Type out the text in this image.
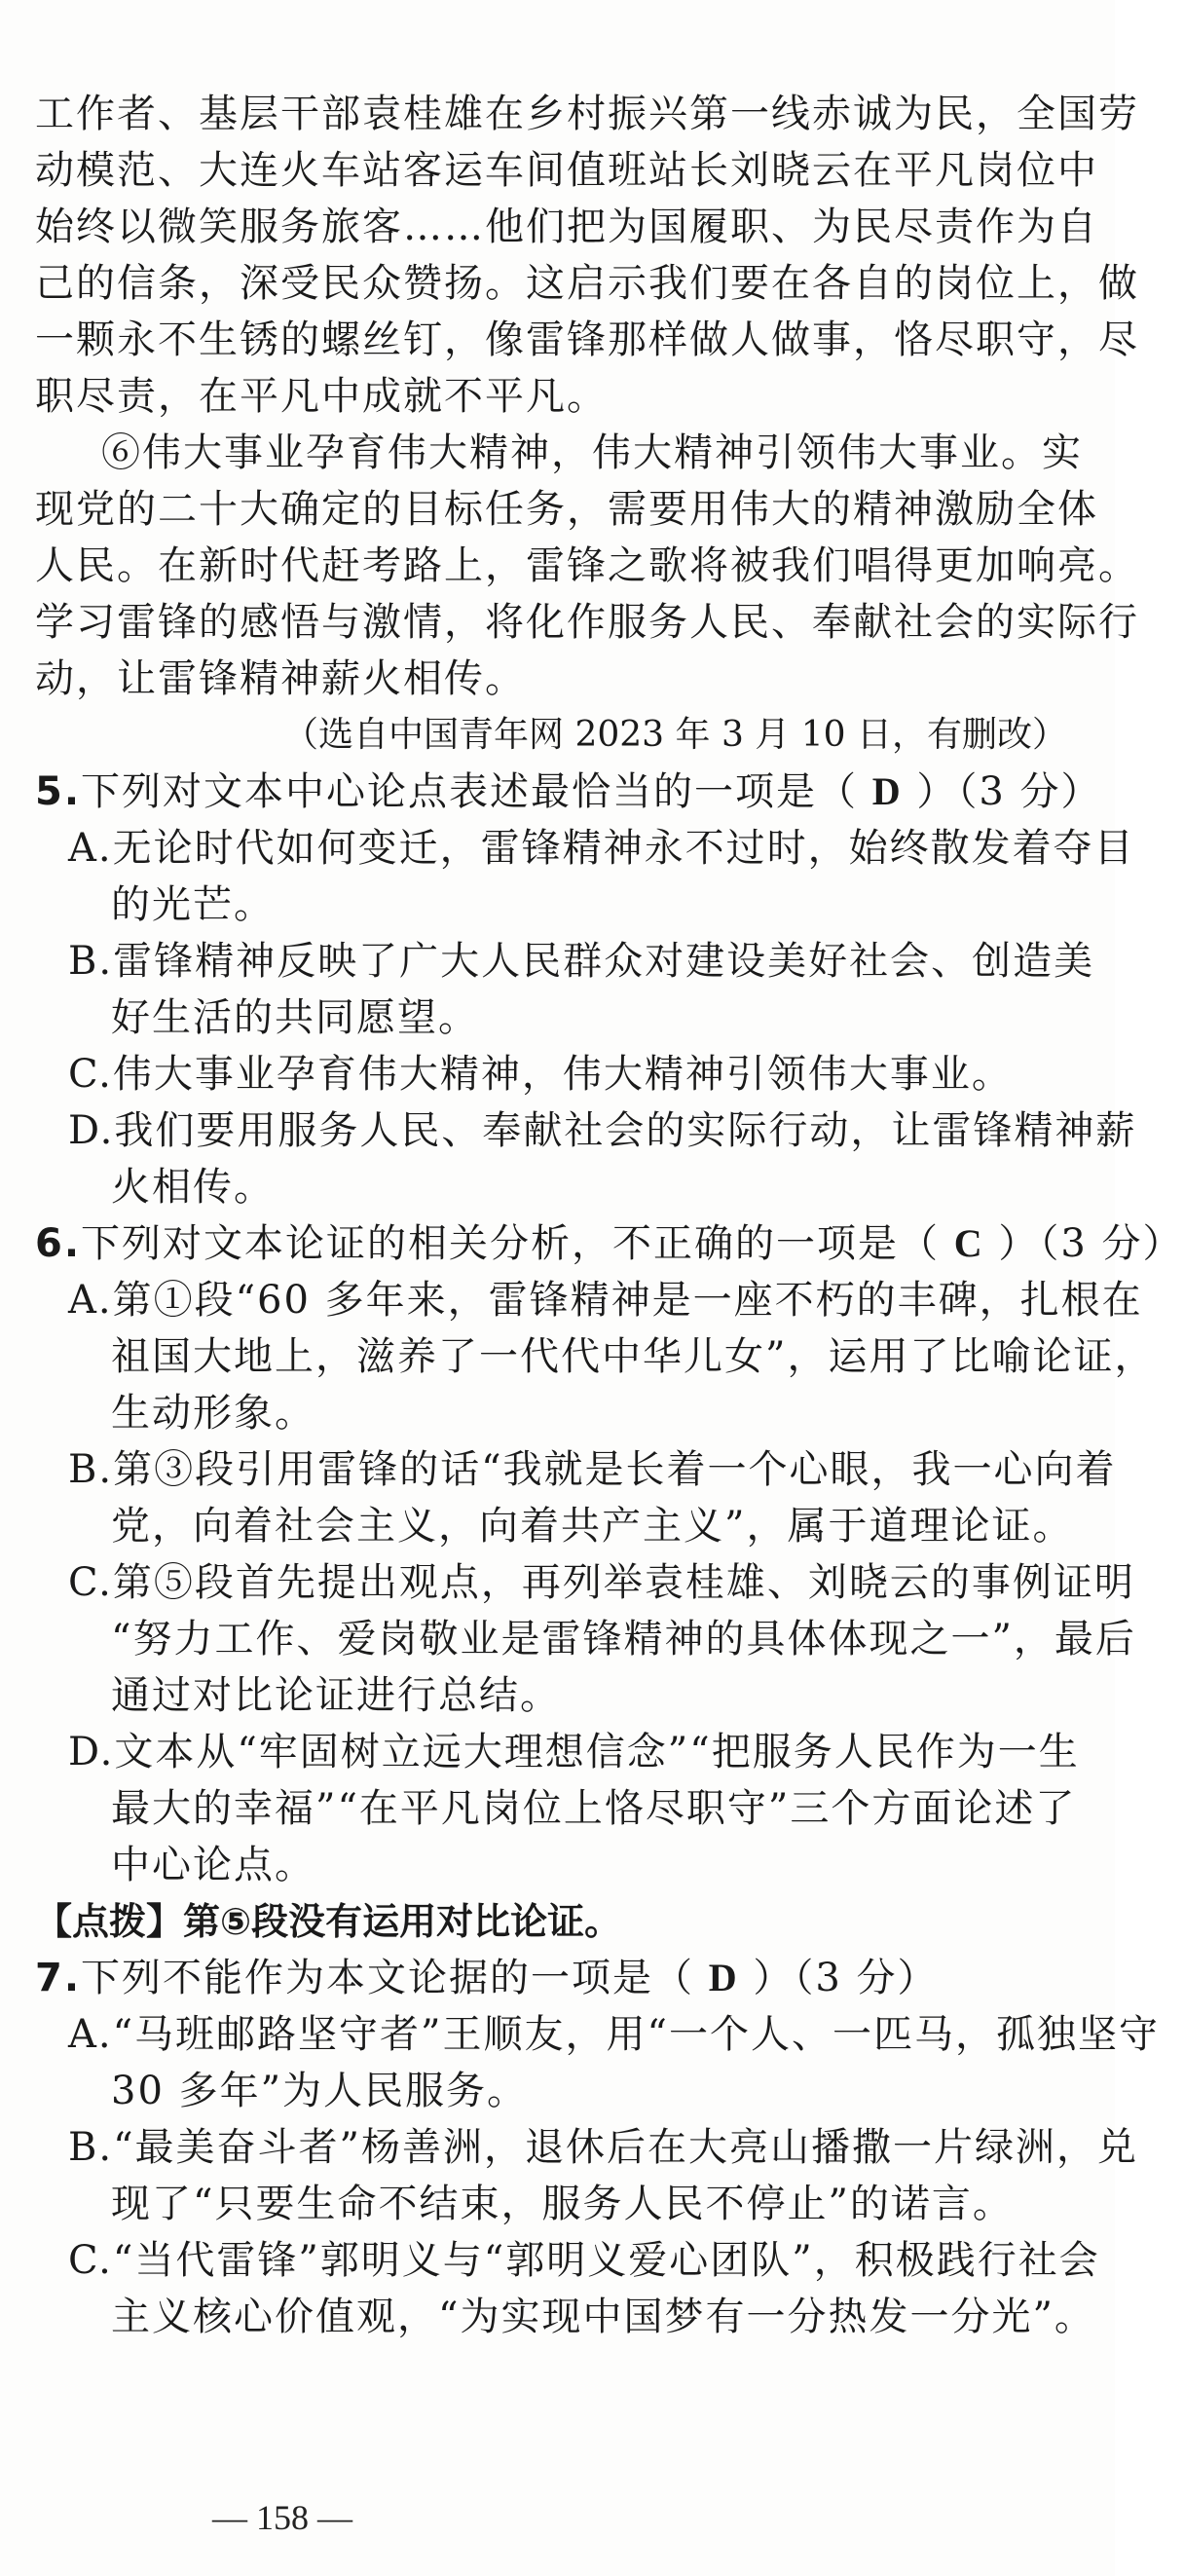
工作者、基层干部袁桂雄在乡村振兴第一线赤诚为民，全国劳
动模范、大连火车站客运车间值班站长刘晓云在平凡岗位中
始终以微笑服务旅客……他们把为国履职、为民尽责作为自
己的信条，深受民众赞扬。这启示我们要在各自的岗位上，做
一颗永不生锈的螺丝钉，像雷锋那样做人做事，恪尽职守，尽
职尽责，在平凡中成就不平凡。
⑥伟大事业孕育伟大精神，伟大精神引领伟大事业。实
现党的二十大确定的目标任务，需要用伟大的精神激励全体
人民。在新时代赶考路上，雷锋之歌将被我们唱得更加响亮。
学习雷锋的感悟与激情，将化作服务人民、奉献社会的实际行
动，让雷锋精神薪火相传。
（选自中国青年网 2023 年 3 月 10 日，有删改）
5.下列对文本中心论点表述最恰当的一项是（ D ）（3 分）
A.无论时代如何变迁，雷锋精神永不过时，始终散发着夺目
的光芒。
B.雷锋精神反映了广大人民群众对建设美好社会、创造美
好生活的共同愿望。
C.伟大事业孕育伟大精神，伟大精神引领伟大事业。
D.我们要用服务人民、奉献社会的实际行动，让雷锋精神薪
火相传。
6.下列对文本论证的相关分析，不正确的一项是（ C ）（3 分）
A.第①段“60 多年来，雷锋精神是一座不朽的丰碑，扎根在
祖国大地上，滋养了一代代中华儿女”，运用了比喻论证，
生动形象。
B.第③段引用雷锋的话“我就是长着一个心眼，我一心向着
党，向着社会主义，向着共产主义”，属于道理论证。
C.第⑤段首先提出观点，再列举袁桂雄、刘晓云的事例证明
“努力工作、爱岗敬业是雷锋精神的具体体现之一”，最后
通过对比论证进行总结。
D.文本从“牢固树立远大理想信念”“把服务人民作为一生
最大的幸福”“在平凡岗位上恪尽职守”三个方面论述了
中心论点。
【点拨】第⑤段没有运用对比论证。
7.下列不能作为本文论据的一项是（ D ）（3 分）
A.“马班邮路坚守者”王顺友，用“一个人、一匹马，孤独坚守
30 多年”为人民服务。
B.“最美奋斗者”杨善洲，退休后在大亮山播撒一片绿洲，兑
现了“只要生命不结束，服务人民不停止”的诺言。
C.“当代雷锋”郭明义与“郭明义爱心团队”，积极践行社会
主义核心价值观，“为实现中国梦有一分热发一分光”。
— 158 —
